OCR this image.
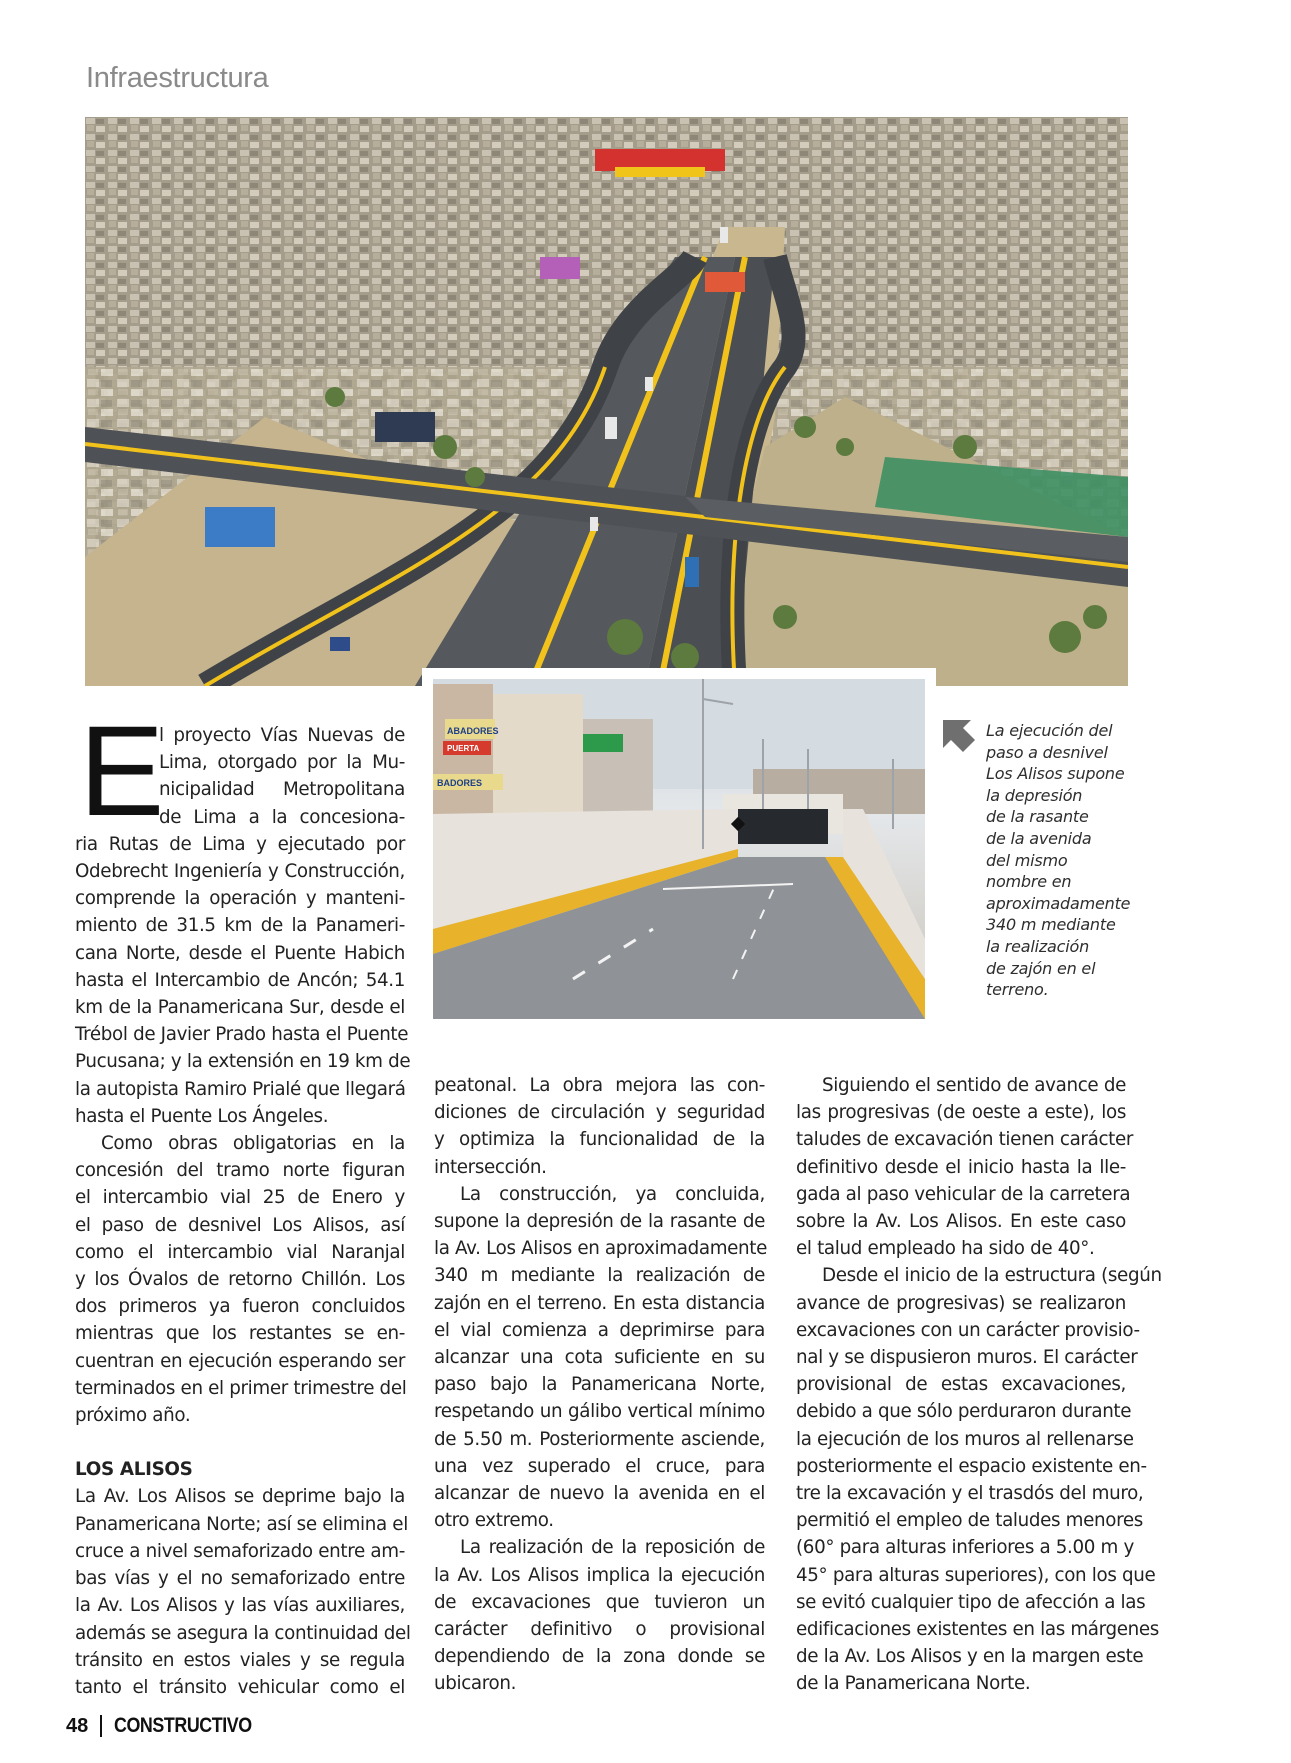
Infraestructura
ABADORES
PUERTA
BADORES
La ejecución del
paso a desnivel
Los Alisos supone
la depresión
de la rasante
de la avenida
del mismo
nombre en
aproximadamente
340 m mediante
la realización
de zajón en el
terreno.
E
l proyecto Vías Nuevas de
Lima, otorgado por la Mu-
nicipalidad Metropolitana
de Lima a la concesiona-
ria Rutas de Lima y ejecutado por
Odebrecht Ingeniería y Construcción,
comprende la operación y manteni-
miento de 31.5 km de la Panameri-
cana Norte, desde el Puente Habich
hasta el Intercambio de Ancón; 54.1
km de la Panamericana Sur, desde el
Trébol de Javier Prado hasta el Puente
Pucusana; y la extensión en 19 km de
la autopista Ramiro Prialé que llegará
hasta el Puente Los Ángeles.
Como obras obligatorias en la
concesión del tramo norte figuran
el intercambio vial 25 de Enero y
el paso de desnivel Los Alisos, así
como el intercambio vial Naranjal
y los Óvalos de retorno Chillón. Los
dos primeros ya fueron concluidos
mientras que los restantes se en-
cuentran en ejecución esperando ser
terminados en el primer trimestre del
próximo año.
LOS ALISOS
La Av. Los Alisos se deprime bajo la
Panamericana Norte; así se elimina el
cruce a nivel semaforizado entre am-
bas vías y el no semaforizado entre
la Av. Los Alisos y las vías auxiliares,
además se asegura la continuidad del
tránsito en estos viales y se regula
tanto el tránsito vehicular como el
peatonal. La obra mejora las con-
diciones de circulación y seguridad
y optimiza la funcionalidad de la
intersección.
La construcción, ya concluida,
supone la depresión de la rasante de
la Av. Los Alisos en aproximadamente
340 m mediante la realización de
zajón en el terreno. En esta distancia
el vial comienza a deprimirse para
alcanzar una cota suficiente en su
paso bajo la Panamericana Norte,
respetando un gálibo vertical mínimo
de 5.50 m. Posteriormente asciende,
una vez superado el cruce, para
alcanzar de nuevo la avenida en el
otro extremo.
La realización de la reposición de
la Av. Los Alisos implica la ejecución
de excavaciones que tuvieron un
carácter definitivo o provisional
dependiendo de la zona donde se
ubicaron.
Siguiendo el sentido de avance de
las progresivas (de oeste a este), los
taludes de excavación tienen carácter
definitivo desde el inicio hasta la lle-
gada al paso vehicular de la carretera
sobre la Av. Los Alisos. En este caso
el talud empleado ha sido de 40°.
Desde el inicio de la estructura (según
avance de progresivas) se realizaron
excavaciones con un carácter provisio-
nal y se dispusieron muros. El carácter
provisional de estas excavaciones,
debido a que sólo perduraron durante
la ejecución de los muros al rellenarse
posteriormente el espacio existente en-
tre la excavación y el trasdós del muro,
permitió el empleo de taludes menores
(60° para alturas inferiores a 5.00 m y
45° para alturas superiores), con los que
se evitó cualquier tipo de afección a las
edificaciones existentes en las márgenes
de la Av. Los Alisos y en la margen este
de la Panamericana Norte.
48 CONSTRUCTIVO
